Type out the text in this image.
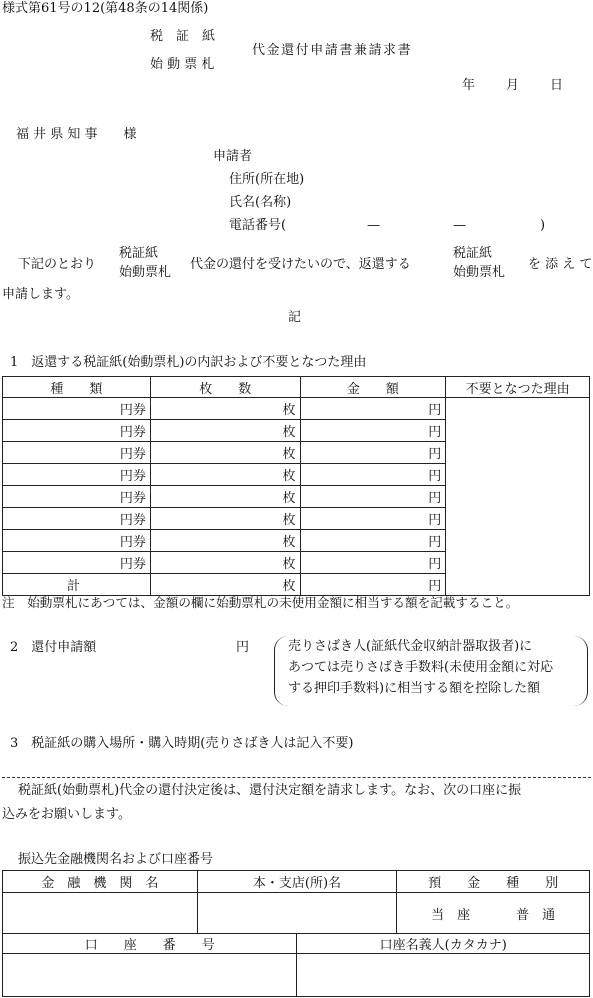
様式第61号の12(第48条の14関係)
税　証　紙
始 動 票 札
代金還付申請書兼請求書
年 月 日
福 井 県 知 事　　様
申請者
住所(所在地)
氏名(名称)
電話番号(	—	—	)
下記のとおり
税証紙
始動票札
代金の還付を受けたいので、返還する
税証紙
始動票札
を 添 え て
申請します。
記
1　返還する税証紙(始動票札)の内訳および不要となつた理由
種　　類	枚　　数	金　　額	不要となつた理由
円券	枚	円	
円券	枚	円	
円券	枚	円	
円券	枚	円	
円券	枚	円	
円券	枚	円	
円券	枚	円	
円券	枚	円	
計	枚	円	
注　始動票札にあつては、金額の欄に始動票札の未使用金額に相当する額を記載すること。
2　還付申請額	円	売りさばき人(証紙代金収納計器取扱者)に
あつては売りさばき手数料(未使用金額に対応
する押印手数料)に相当する額を控除した額
3　税証紙の購入場所・購入時期(売りさばき人は記入不要)
税証紙(始動票札)代金の還付決定後は、還付決定額を請求します。なお、次の口座に振
込みをお願いします。
振込先金融機関名および口座番号
金　融　機　関　名	本・支店(所)名		預　　金　　種　　別
			当　座 普　通
口　　座　　番　　号		口座名義人(カタカナ)	
